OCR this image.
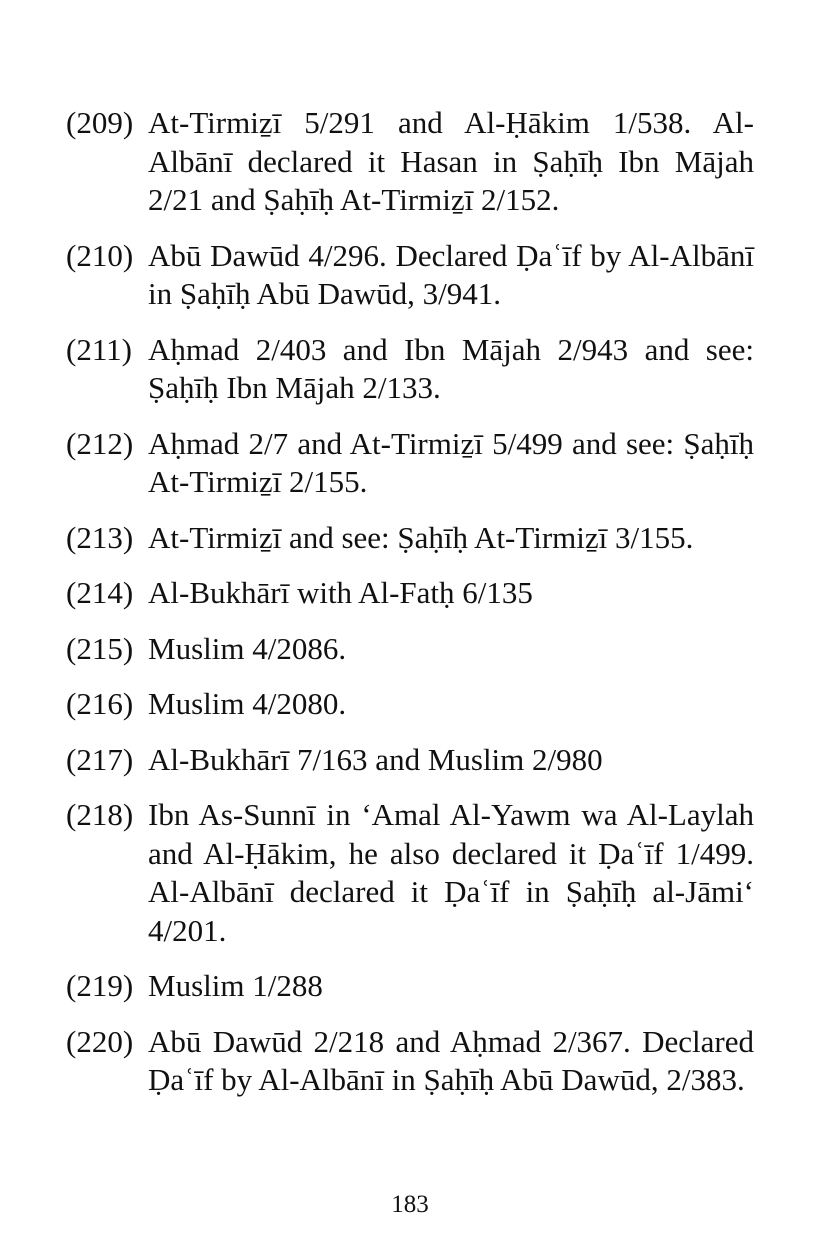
(209) At-Tirmiẕī 5/291 and Al-Ḥākim 1/538. Al-Albānī declared it Hasan in Ṣaḥīḥ Ibn Mājah 2/21 and Ṣaḥīḥ At-Tirmiẕī 2/152.
(210) Abū Dawūd 4/296. Declared Ḍaʿīf by Al-Albānī in Ṣaḥīḥ Abū Dawūd, 3/941.
(211) Aḥmad 2/403 and Ibn Mājah 2/943 and see: Ṣaḥīḥ Ibn Mājah 2/133.
(212) Aḥmad 2/7 and At-Tirmiẕī 5/499 and see: Ṣaḥīḥ At-Tirmiẕī 2/155.
(213) At-Tirmiẕī and see: Ṣaḥīḥ At-Tirmiẕī 3/155.
(214) Al-Bukhārī with Al-Fatḥ 6/135
(215) Muslim 4/2086.
(216) Muslim 4/2080.
(217) Al-Bukhārī 7/163 and Muslim 2/980
(218) Ibn As-Sunnī in ‘Amal Al-Yawm wa Al-Laylah and Al-Ḥākim, he also declared it Ḍaʿīf 1/499. Al-Albānī declared it Ḍaʿīf in Ṣaḥīḥ al-Jāmi‘ 4/201.
(219) Muslim 1/288
(220) Abū Dawūd 2/218 and Aḥmad 2/367. Declared Ḍaʿīf by Al-Albānī in Ṣaḥīḥ Abū Dawūd, 2/383.
183
